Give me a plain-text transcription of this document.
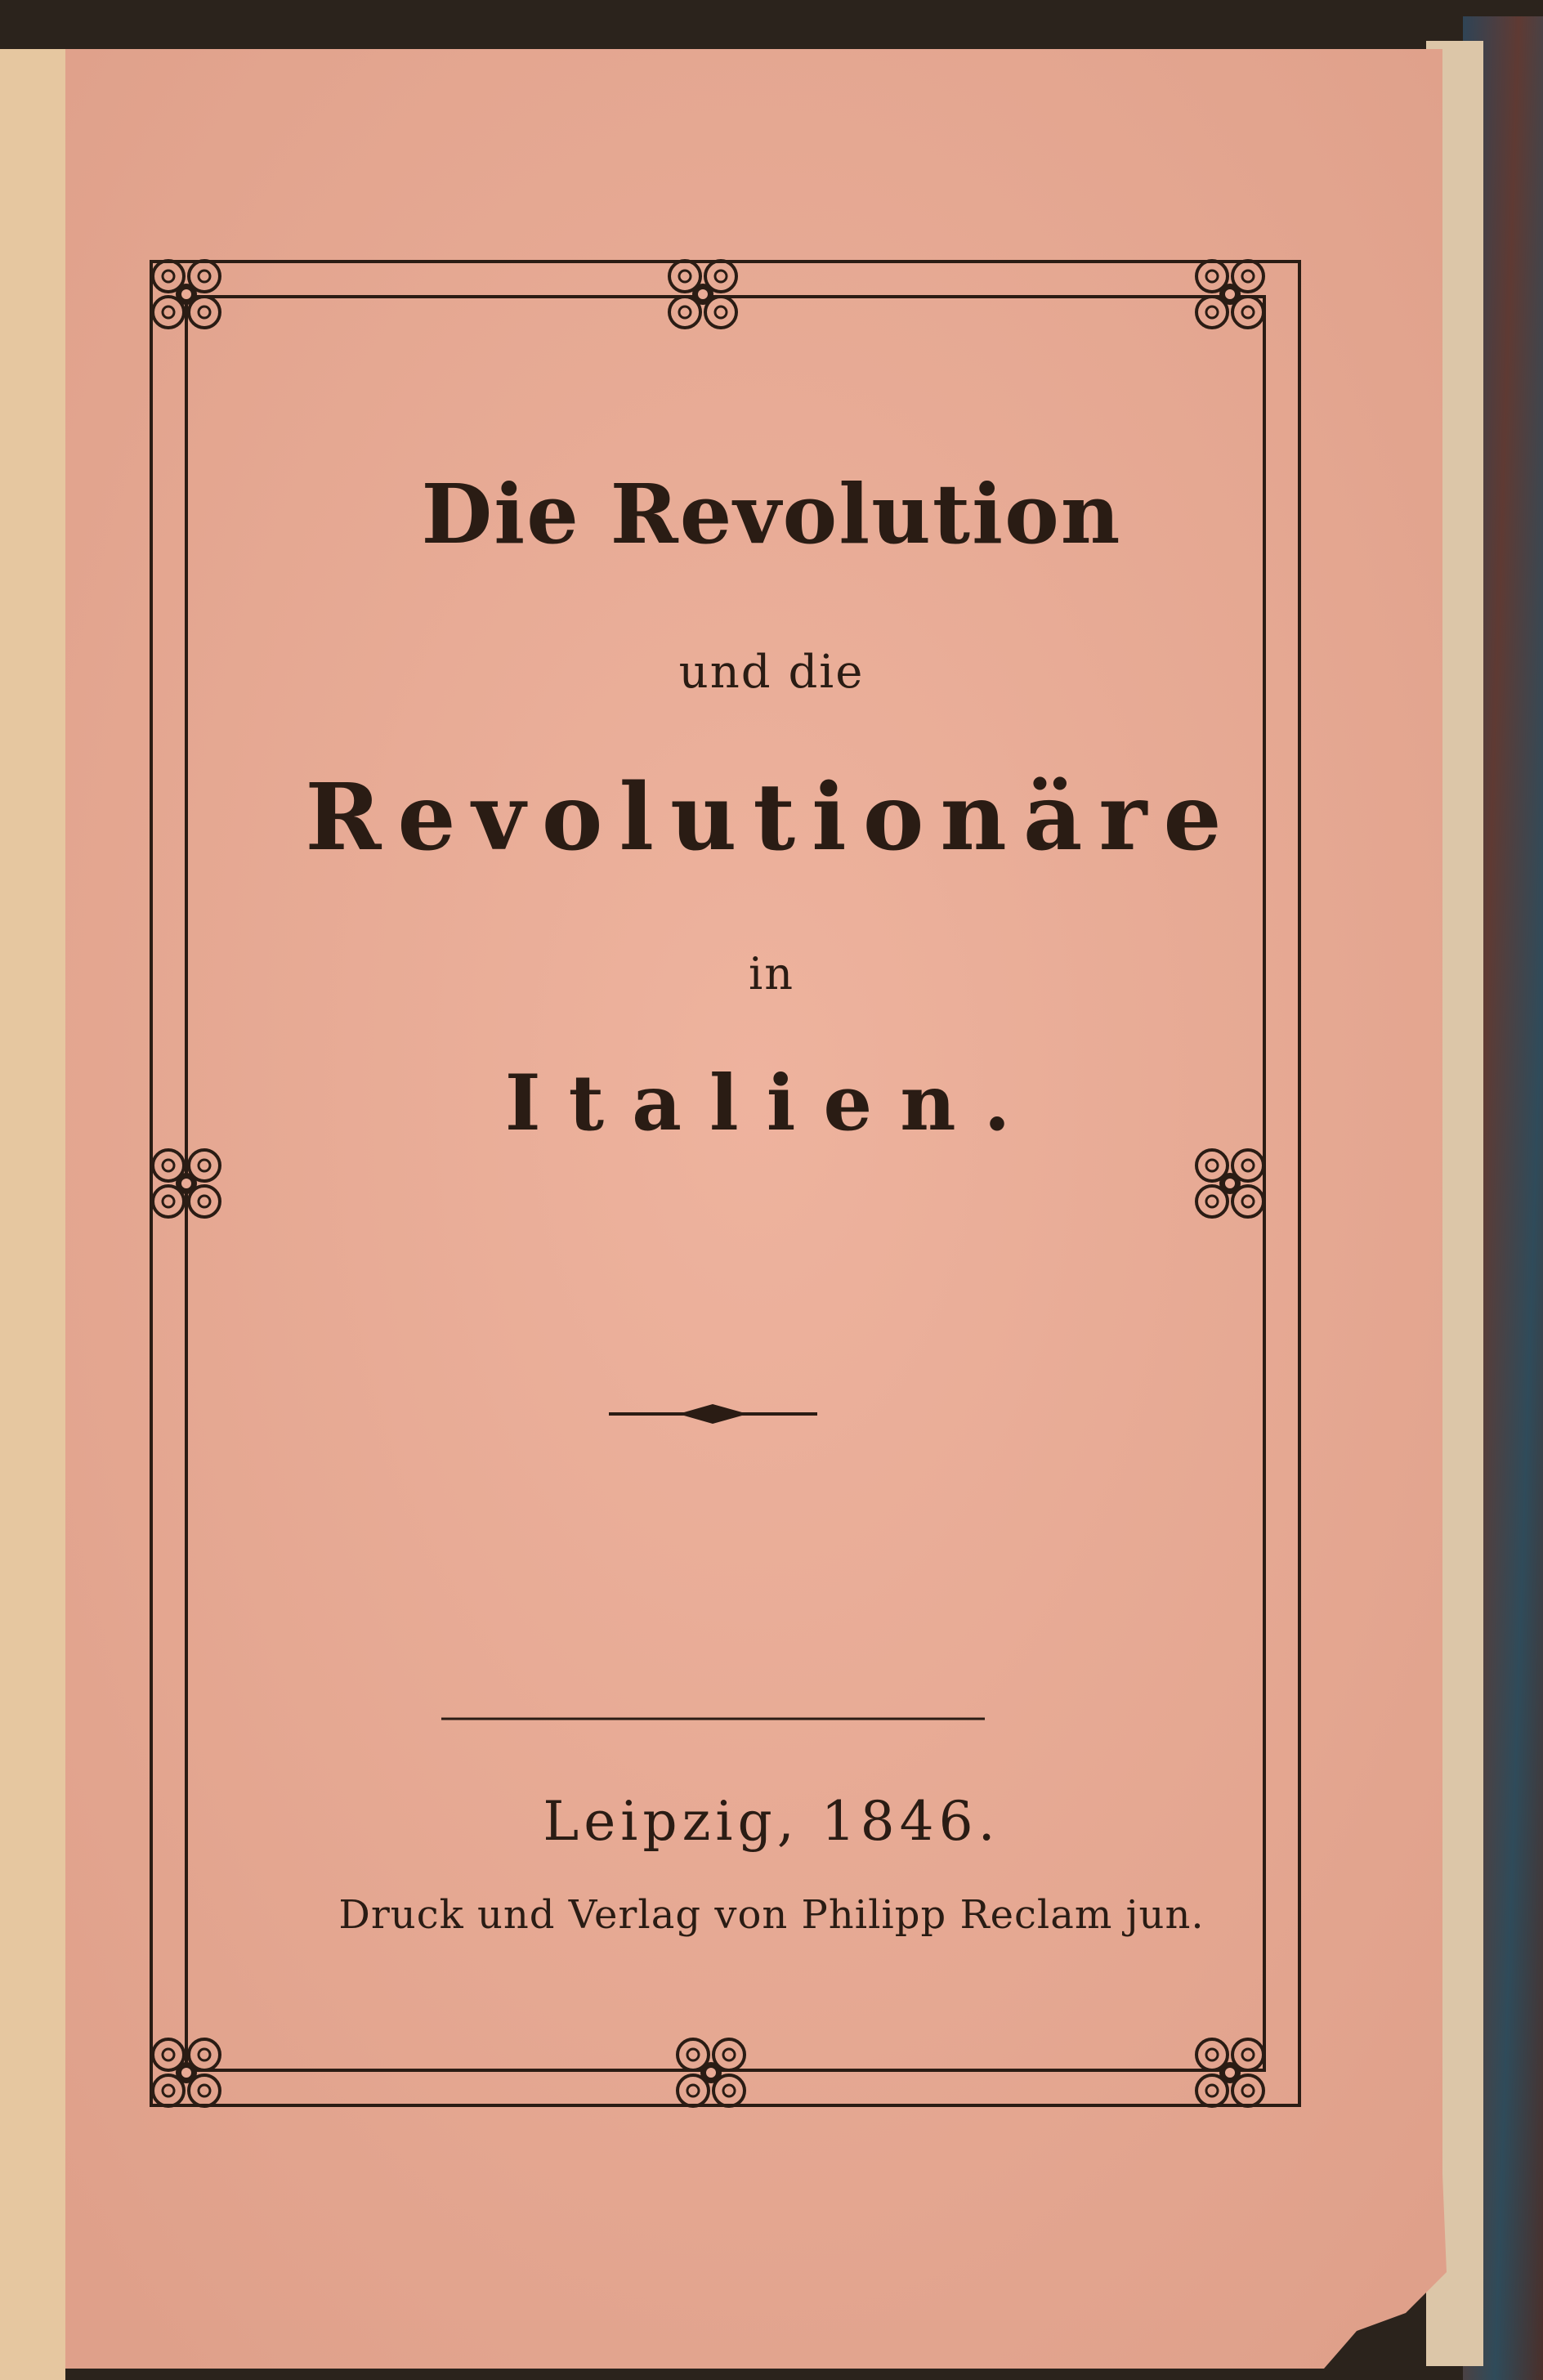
Die Revolution
und die
Revolutionäre
in
Italien.
Leipzig, 1846.
Druck und Verlag von Philipp Reclam jun.
